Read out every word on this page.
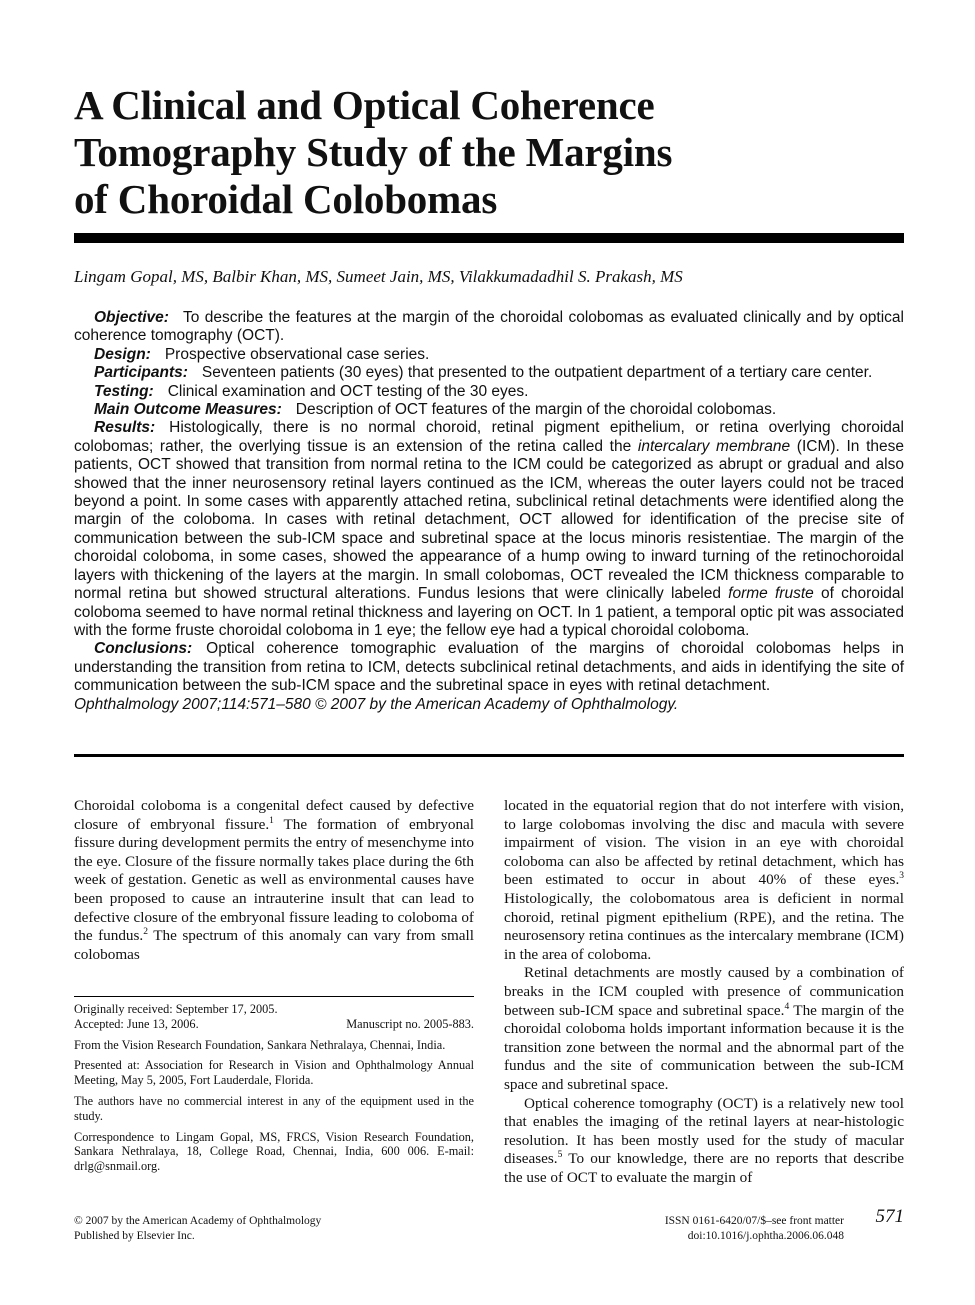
A Clinical and Optical Coherence
Tomography Study of the Margins
of Choroidal Colobomas
Lingam Gopal, MS, Balbir Khan, MS, Sumeet Jain, MS, Vilakkumadadhil S. Prakash, MS

Objective: To describe the features at the margin of the choroidal colobomas as evaluated clinically and by optical coherence tomography (OCT).

Design: Prospective observational case series.

Participants: Seventeen patients (30 eyes) that presented to the outpatient department of a tertiary care center.

Testing: Clinical examination and OCT testing of the 30 eyes.

Main Outcome Measures: Description of OCT features of the margin of the choroidal colobomas.

Results: Histologically, there is no normal choroid, retinal pigment epithelium, or retina overlying choroidal colobomas; rather, the overlying tissue is an extension of the retina called the intercalary membrane (ICM). In these patients, OCT showed that transition from normal retina to the ICM could be categorized as abrupt or gradual and also showed that the inner neurosensory retinal layers continued as the ICM, whereas the outer layers could not be traced beyond a point. In some cases with apparently attached retina, subclinical retinal detachments were identified along the margin of the coloboma. In cases with retinal detachment, OCT allowed for identification of the precise site of communication between the sub-ICM space and subretinal space at the locus minoris resistentiae. The margin of the choroidal coloboma, in some cases, showed the appearance of a hump owing to inward turning of the retinochoroidal layers with thickening of the layers at the margin. In small colobomas, OCT revealed the ICM thickness comparable to normal retina but showed structural alterations. Fundus lesions that were clinically labeled forme fruste of choroidal coloboma seemed to have normal retinal thickness and layering on OCT. In 1 patient, a temporal optic pit was associated with the forme fruste choroidal coloboma in 1 eye; the fellow eye had a typical choroidal coloboma.

Conclusions: Optical coherence tomographic evaluation of the margins of choroidal colobomas helps in understanding the transition from retina to ICM, detects subclinical retinal detachments, and aids in identifying the site of communication between the sub-ICM space and the subretinal space in eyes with retinal detachment.
Ophthalmology 2007;114:571–580 © 2007 by the American Academy of Ophthalmology.

Choroidal coloboma is a congenital defect caused by defective closure of embryonal fissure.$^1$ The formation of embryonal fissure during development permits the entry of mesenchyme into the eye. Closure of the fissure normally takes place during the 6th week of gestation. Genetic as well as environmental causes have been proposed to cause an intrauterine insult that can lead to defective closure of the embryonal fissure leading to coloboma of the fundus.$^2$ The spectrum of this anomaly can vary from small colobomas

Originally received: September 17, 2005.

Accepted: June 13, 2006.	Manuscript no. 2005-883.

From the Vision Research Foundation, Sankara Nethralaya, Chennai, India.

Presented at: Association for Research in Vision and Ophthalmology Annual Meeting, May 5, 2005, Fort Lauderdale, Florida.

The authors have no commercial interest in any of the equipment used in the study.

Correspondence to Lingam Gopal, MS, FRCS, Vision Research Foundation, Sankara Nethralaya, 18, College Road, Chennai, India, 600 006. E-mail: drlg@snmail.org.

located in the equatorial region that do not interfere with vision, to large colobomas involving the disc and macula with severe impairment of vision. The vision in an eye with choroidal coloboma can also be affected by retinal detachment, which has been estimated to occur in about 40% of these eyes.$^3$ Histologically, the colobomatous area is deficient in normal choroid, retinal pigment epithelium (RPE), and the retina. The neurosensory retina continues as the intercalary membrane (ICM) in the area of coloboma.

Retinal detachments are mostly caused by a combination of breaks in the ICM coupled with presence of communication between sub-ICM space and subretinal space.$^4$ The margin of the choroidal coloboma holds important information because it is the transition zone between the normal and the abnormal part of the fundus and the site of communication between the sub-ICM space and subretinal space.

Optical coherence tomography (OCT) is a relatively new tool that enables the imaging of the retinal layers at near-histologic resolution. It has been mostly used for the study of macular diseases.$^5$ To our knowledge, there are no reports that describe the use of OCT to evaluate the margin of

© 2007 by the American Academy of Ophthalmology
Published by Elsevier Inc.
ISSN 0161-6420/07/$–see front matter
doi:10.1016/j.ophtha.2006.06.048
571
